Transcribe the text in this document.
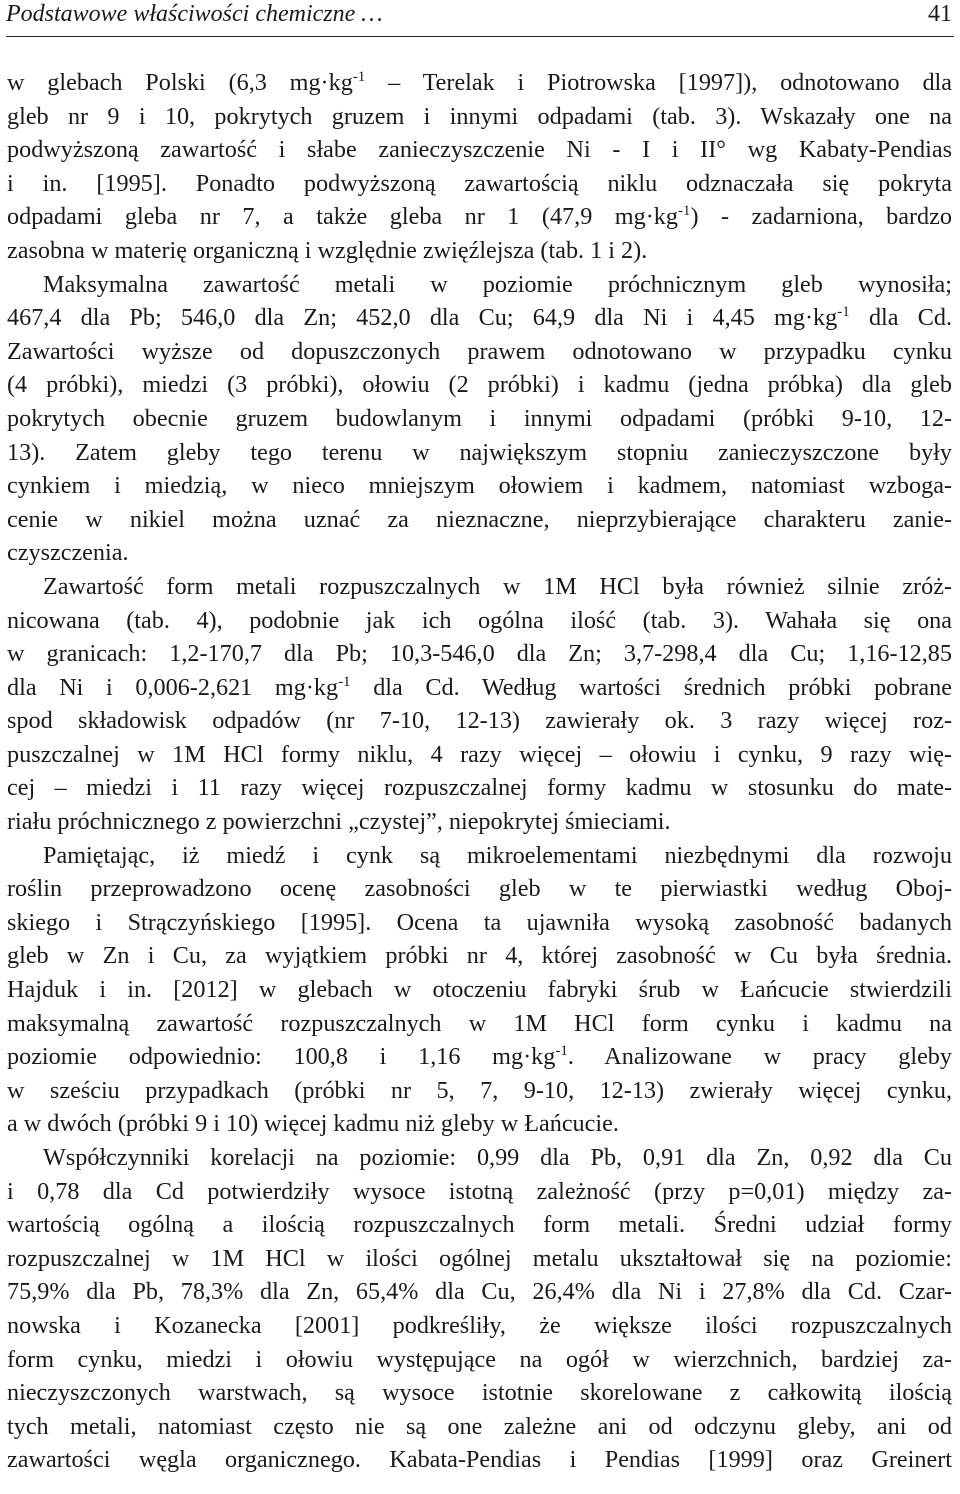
Podstawowe właściwości chemiczne …	41
w glebach Polski (6,3 $mg\cdot kg^{-1}$ – Terelak i Piotrowska [1997]), odnotowano dla
gleb nr 9 i 10, pokrytych gruzem i innymi odpadami (tab. 3). Wskazały one na
podwyższoną zawartość i słabe zanieczyszczenie Ni - I i II° wg Kabaty-Pendias
i in. [1995]. Ponadto podwyższoną zawartością niklu odznaczała się pokryta
odpadami gleba nr 7, a także gleba nr 1 (47,9 $mg\cdot kg^{-1}$) - zadarniona, bardzo
zasobna w materię organiczną i względnie zwięźlejsza (tab. 1 i 2).
Maksymalna zawartość metali w poziomie próchnicznym gleb wynosiła;
467,4 dla Pb; 546,0 dla Zn; 452,0 dla Cu; 64,9 dla Ni i 4,45 $mg\cdot kg^{-1}$ dla Cd.
Zawartości wyższe od dopuszczonych prawem odnotowano w przypadku cynku
(4 próbki), miedzi (3 próbki), ołowiu (2 próbki) i kadmu (jedna próbka) dla gleb
pokrytych obecnie gruzem budowlanym i innymi odpadami (próbki 9-10, 12-
13). Zatem gleby tego terenu w największym stopniu zanieczyszczone były
cynkiem i miedzią, w nieco mniejszym ołowiem i kadmem, natomiast wzboga-
cenie w nikiel można uznać za nieznaczne, nieprzybierające charakteru zanie-
czyszczenia.
Zawartość form metali rozpuszczalnych w 1M HCl była również silnie zróż-
nicowana (tab. 4), podobnie jak ich ogólna ilość (tab. 3). Wahała się ona
w granicach: 1,2-170,7 dla Pb; 10,3-546,0 dla Zn; 3,7-298,4 dla Cu; 1,16-12,85
dla Ni i 0,006-2,621 $mg\cdot kg^{-1}$ dla Cd. Według wartości średnich próbki pobrane
spod składowisk odpadów (nr 7-10, 12-13) zawierały ok. 3 razy więcej roz-
puszczalnej w 1M HCl formy niklu, 4 razy więcej – ołowiu i cynku, 9 razy wię-
cej – miedzi i 11 razy więcej rozpuszczalnej formy kadmu w stosunku do mate-
riału próchnicznego z powierzchni „czystej”, niepokrytej śmieciami.
Pamiętając, iż miedź i cynk są mikroelementami niezbędnymi dla rozwoju
roślin przeprowadzono ocenę zasobności gleb w te pierwiastki według Oboj-
skiego i Strączyńskiego [1995]. Ocena ta ujawniła wysoką zasobność badanych
gleb w Zn i Cu, za wyjątkiem próbki nr 4, której zasobność w Cu była średnia.
Hajduk i in. [2012] w glebach w otoczeniu fabryki śrub w Łańcucie stwierdzili
maksymalną zawartość rozpuszczalnych w 1M HCl form cynku i kadmu na
poziomie odpowiednio: 100,8 i 1,16 $mg\cdot kg^{-1}$. Analizowane w pracy gleby
w sześciu przypadkach (próbki nr 5, 7, 9-10, 12-13) zwierały więcej cynku,
a w dwóch (próbki 9 i 10) więcej kadmu niż gleby w Łańcucie.
Współczynniki korelacji na poziomie: 0,99 dla Pb, 0,91 dla Zn, 0,92 dla Cu
i 0,78 dla Cd potwierdziły wysoce istotną zależność (przy p=0,01) między za-
wartością ogólną a ilością rozpuszczalnych form metali. Średni udział formy
rozpuszczalnej w 1M HCl w ilości ogólnej metalu ukształtował się na poziomie:
75,9% dla Pb, 78,3% dla Zn, 65,4% dla Cu, 26,4% dla Ni i 27,8% dla Cd. Czar-
nowska i Kozanecka [2001] podkreśliły, że większe ilości rozpuszczalnych
form cynku, miedzi i ołowiu występujące na ogół w wierzchnich, bardziej za-
nieczyszczonych warstwach, są wysoce istotnie skorelowane z całkowitą ilością
tych metali, natomiast często nie są one zależne ani od odczynu gleby, ani od
zawartości węgla organicznego. Kabata-Pendias i Pendias [1999] oraz Greinert
